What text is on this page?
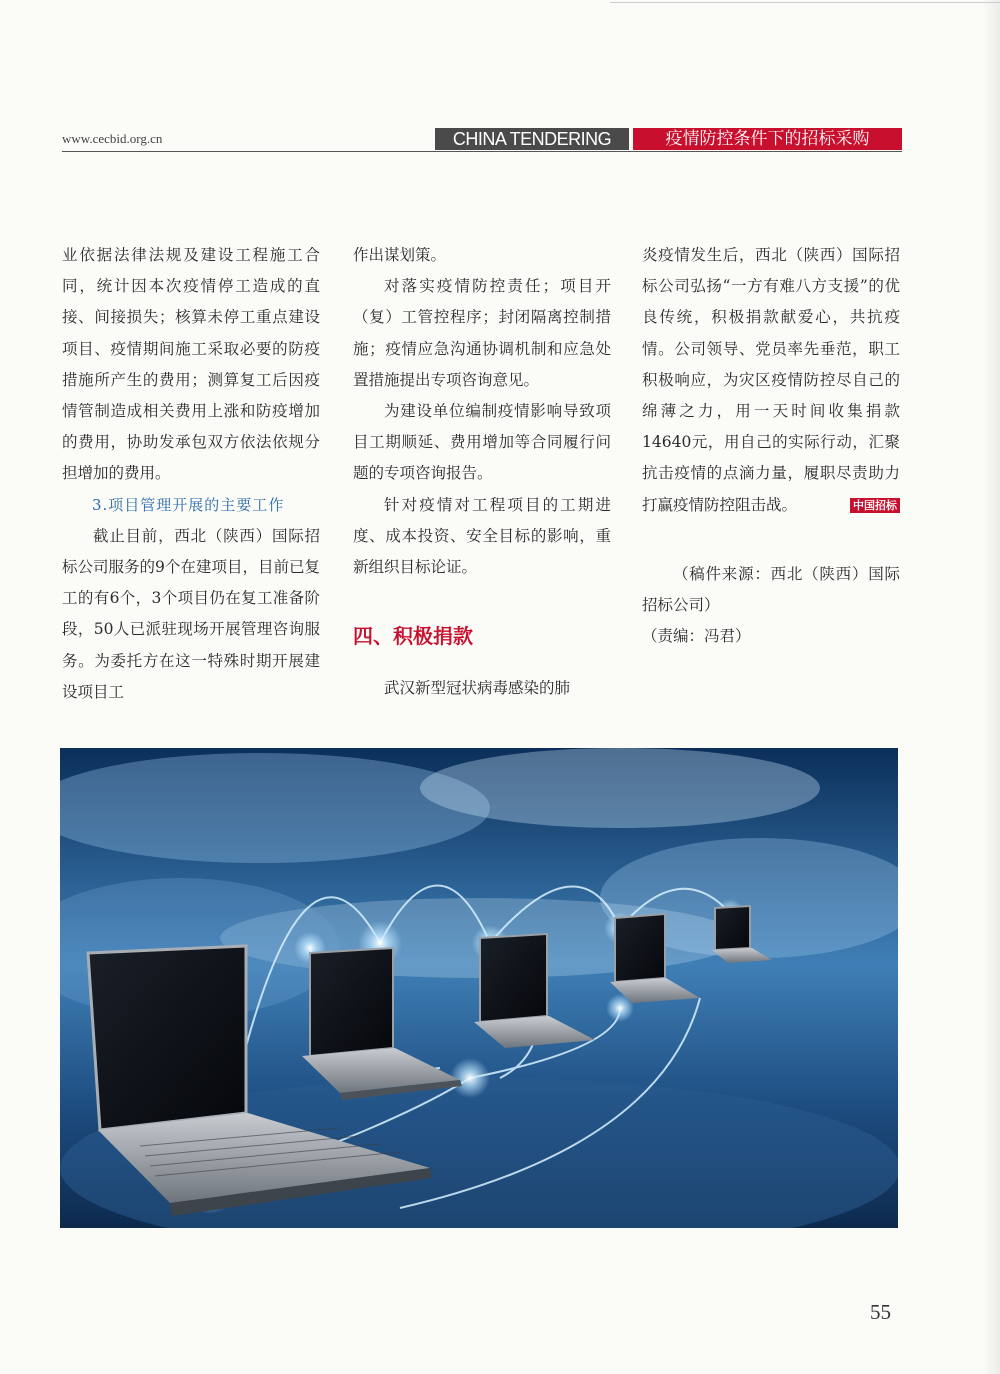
www.cecbid.org.cn	CHINA TENDERING	疫情防控条件下的招标采购

业依据法律法规及建设工程施工合同，统计因本次疫情停工造成的直接、间接损失；核算未停工重点建设项目、疫情期间施工采取必要的防疫措施所产生的费用；测算复工后因疫情管制造成相关费用上涨和防疫增加的费用，协助发承包双方依法依规分担增加的费用。

3.项目管理开展的主要工作

截止目前，西北（陕西）国际招标公司服务的9个在建项目，目前已复工的有6个，3个项目仍在复工准备阶段，50人已派驻现场开展管理咨询服务。为委托方在这一特殊时期开展建设项目工

作出谋划策。

对落实疫情防控责任；项目开（复）工管控程序；封闭隔离控制措施；疫情应急沟通协调机制和应急处置措施提出专项咨询意见。

为建设单位编制疫情影响导致项目工期顺延、费用增加等合同履行问题的专项咨询报告。

针对疫情对工程项目的工期进度、成本投资、安全目标的影响，重新组织目标论证。

四、积极捐款

武汉新型冠状病毒感染的肺

炎疫情发生后，西北（陕西）国际招标公司弘扬“一方有难八方支援”的优良传统，积极捐款献爱心，共抗疫情。公司领导、党员率先垂范，职工积极响应，为灾区疫情防控尽自己的绵薄之力，用一天时间收集捐款14640元，用自己的实际行动，汇聚抗击疫情的点滴力量，履职尽责助力打赢疫情防控阻击战。	中国招标

（稿件来源：西北（陕西）国际招标公司）

（责编：冯君）

55
